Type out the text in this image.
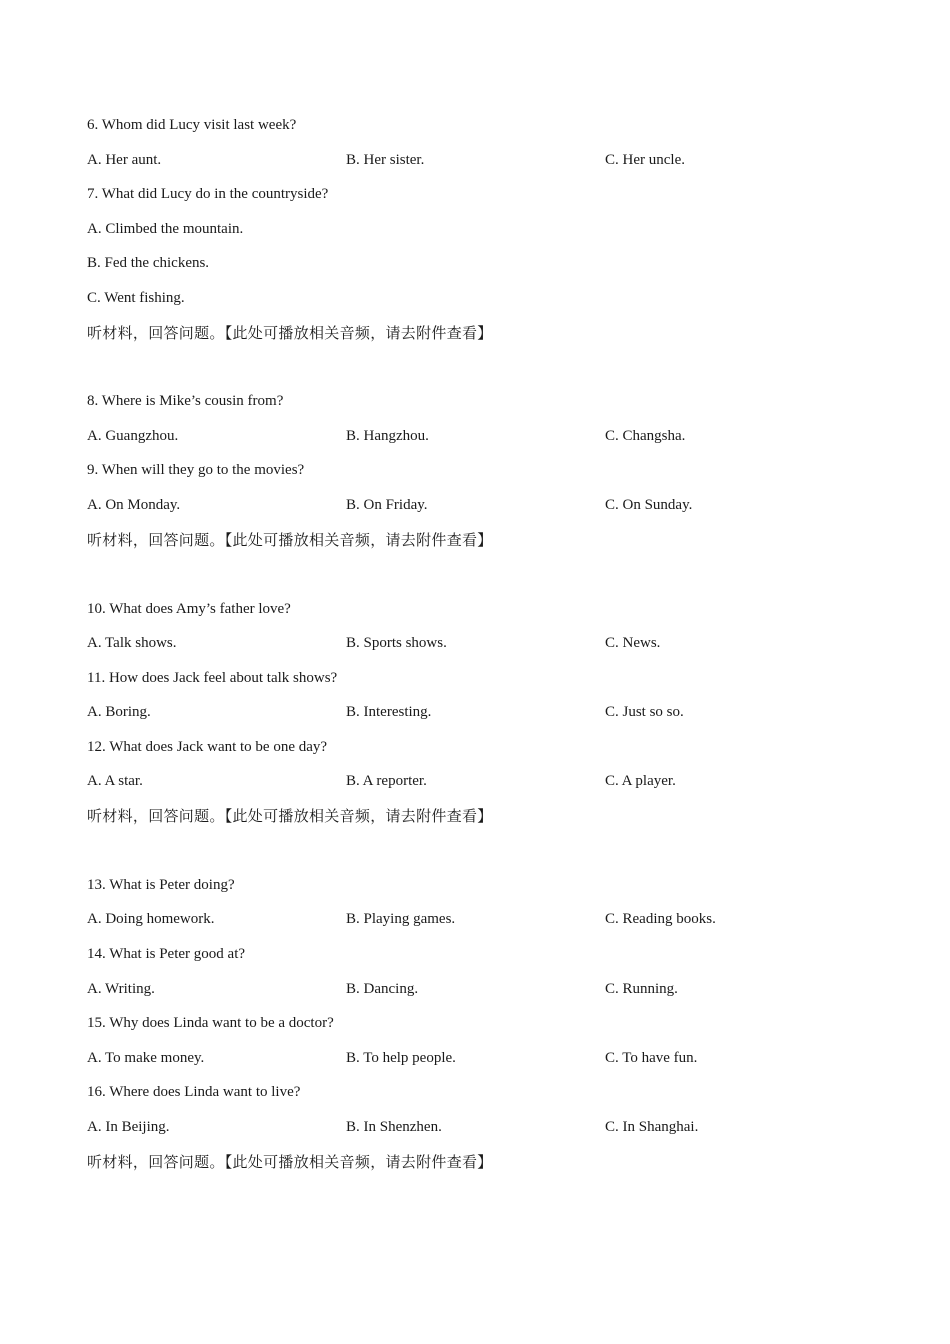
6. Whom did Lucy visit last week?
A. Her aunt.	B. Her sister.	C. Her uncle.
7. What did Lucy do in the countryside?
A. Climbed the mountain.
B. Fed the chickens.
C. Went fishing.
听材料，回答问题。【此处可播放相关音频，请去附件查看】
8. Where is Mike’s cousin from?
A. Guangzhou.	B. Hangzhou.	C. Changsha.
9. When will they go to the movies?
A. On Monday.	B. On Friday.	C. On Sunday.
听材料，回答问题。【此处可播放相关音频，请去附件查看】
10. What does Amy’s father love?
A. Talk shows.	B. Sports shows.	C. News.
11. How does Jack feel about talk shows?
A. Boring.	B. Interesting.	C. Just so so.
12. What does Jack want to be one day?
A. A star.	B. A reporter.	C. A player.
听材料，回答问题。【此处可播放相关音频，请去附件查看】
13. What is Peter doing?
A. Doing homework.	B. Playing games.	C. Reading books.
14. What is Peter good at?
A. Writing.	B. Dancing.	C. Running.
15. Why does Linda want to be a doctor?
A. To make money.	B. To help people.	C. To have fun.
16. Where does Linda want to live?
A. In Beijing.	B. In Shenzhen.	C. In Shanghai.
听材料，回答问题。【此处可播放相关音频，请去附件查看】
